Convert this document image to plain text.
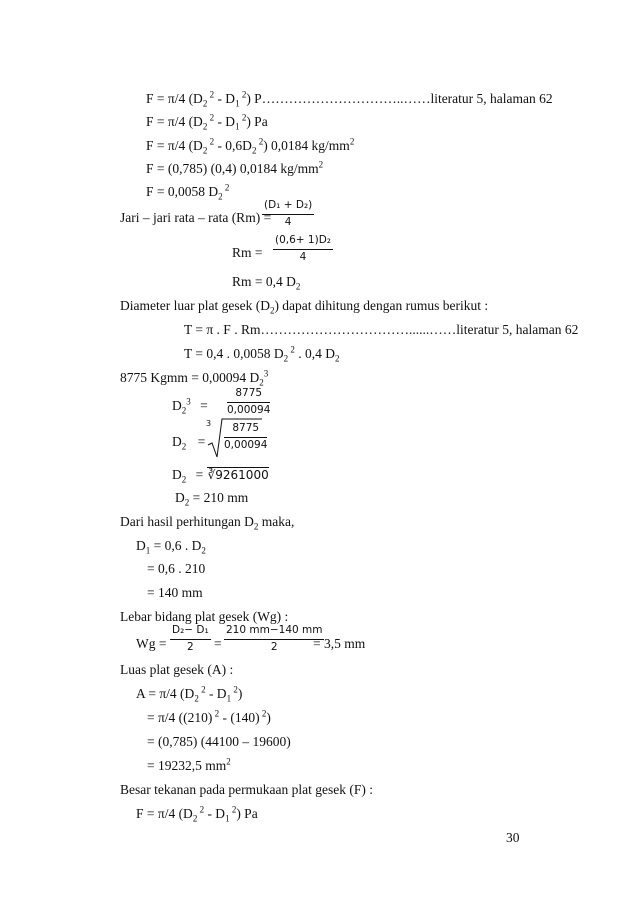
F = π/4 ($D_2$ $^2 - D_1$ $^2$) P…………………………..……literatur 5, halaman 62
F = π/4 ($D_2$ $^2 - D_1$ $^2$) Pa
F = π/4 ($D_2$ $^2 - 0,6D_2$ $^2$) 0,0184 $kg/mm^2$
F = (0,785) (0,4) 0,0184 $kg/mm^2$
F = 0,0058 $D_2$ $^2$
Jari – jari rata – rata (Rm) =
(D₁ + D₂)
4
Rm =
(0,6+ 1)D₂
4
Rm = 0,4 $D_2$
Diameter luar plat gesek $(D_2)$ dapat dihitung dengan rumus berikut :
T = π . F . Rm……………………………......……literatur 5, halaman 62
T = 0,4 . 0,0058 $D_2$ $^2$ . 0,4 $D_2$
8775 Kgmm = 0,00094 $D_2^3$
$D_2^3$ =
8775
0,00094
$D_2$ =
3 8775
0,00094
$D_2$ = ∛9261000
$D_2 = 210$ mm
Dari hasil perhitungan $D_2$ maka,
$D_1 = 0,6$ . $D_2$
= 0,6 . 210
= 140 mm
Lebar bidang plat gesek (Wg) :
Wg =
D₂− D₁
2 =
210 mm−140 mm
2	= 3,5 mm
Luas plat gesek (A) :
A = π/4 ($D_2$ $^2 - D_1$ $^2$)
= π/4 ((210) $^2$ - (140) $^2$)
= (0,785) (44100 – 19600)
= 19232,5 $mm^2$
Besar tekanan pada permukaan plat gesek (F) :
F = π/4 ($D_2$ $^2 - D_1$ $^2$) Pa
30
